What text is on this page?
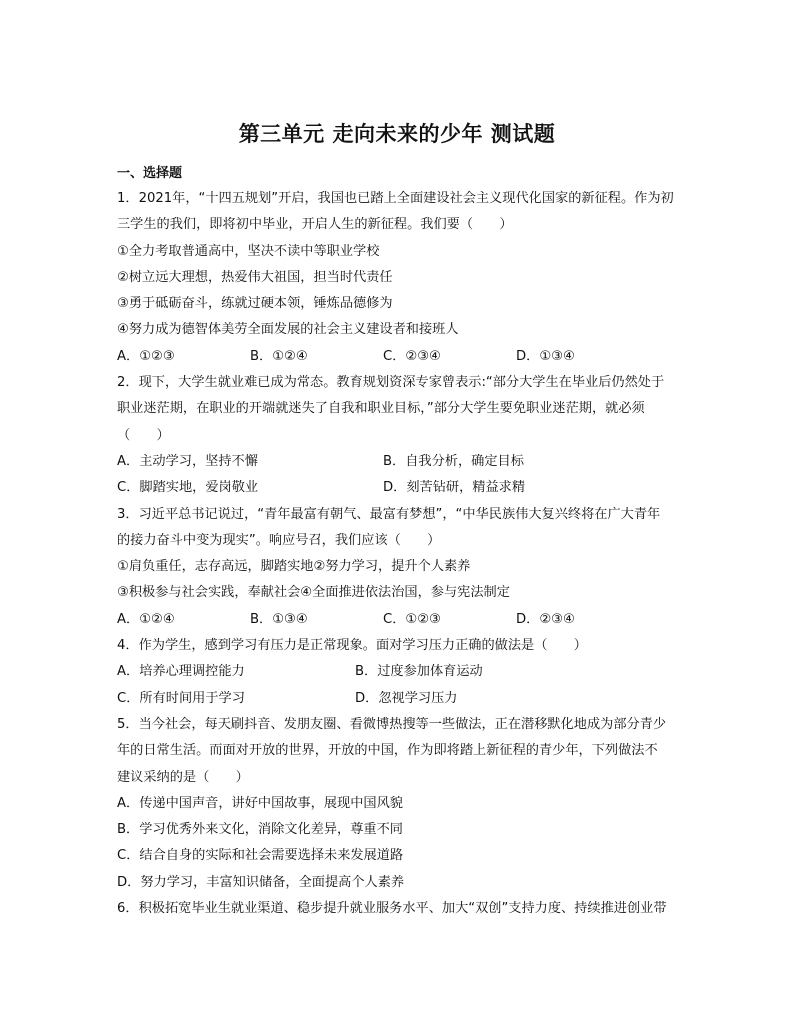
第三单元 走向未来的少年 测试题
一、选择题
1．2021年，“十四五规划”开启，我国也已踏上全面建设社会主义现代化国家的新征程。作为初
三学生的我们，即将初中毕业，开启人生的新征程。我们要（　　）
①全力考取普通高中，坚决不读中等职业学校
②树立远大理想，热爱伟大祖国，担当时代责任
③勇于砥砺奋斗，练就过硬本领，锤炼品德修为
④努力成为德智体美劳全面发展的社会主义建设者和接班人
A．①②③	B．①②④	C．②③④	D．①③④
2．现下，大学生就业难已成为常态。教育规划资深专家曾表示:“部分大学生在毕业后仍然处于
职业迷茫期，在职业的开端就迷失了自我和职业目标，”部分大学生要免职业迷茫期，就必须
（　　）
A．主动学习，坚持不懈	B．自我分析，确定目标
C．脚踏实地，爱岗敬业	D．刻苦钻研，精益求精
3．习近平总书记说过，“青年最富有朝气、最富有梦想”，“中华民族伟大复兴终将在广大青年
的接力奋斗中变为现实”。响应号召，我们应该（　　）
①肩负重任，志存高远，脚踏实地②努力学习，提升个人素养
③积极参与社会实践，奉献社会④全面推进依法治国，参与宪法制定
A．①②④	B．①③④	C．①②③	D．②③④
4．作为学生，感到学习有压力是正常现象。面对学习压力正确的做法是（　　）
A．培养心理调控能力	B．过度参加体育运动
C．所有时间用于学习	D．忽视学习压力
5．当今社会，每天刷抖音、发朋友圈、看微博热搜等一些做法，正在潜移默化地成为部分青少
年的日常生活。而面对开放的世界，开放的中国，作为即将踏上新征程的青少年，下列做法不
建议采纳的是（　　）
A．传递中国声音，讲好中国故事，展现中国风貌
B．学习优秀外来文化，消除文化差异，尊重不同
C．结合自身的实际和社会需要选择未来发展道路
D．努力学习，丰富知识储备，全面提高个人素养
6．积极拓宽毕业生就业渠道、稳步提升就业服务水平、加大“双创”支持力度、持续推进创业带
